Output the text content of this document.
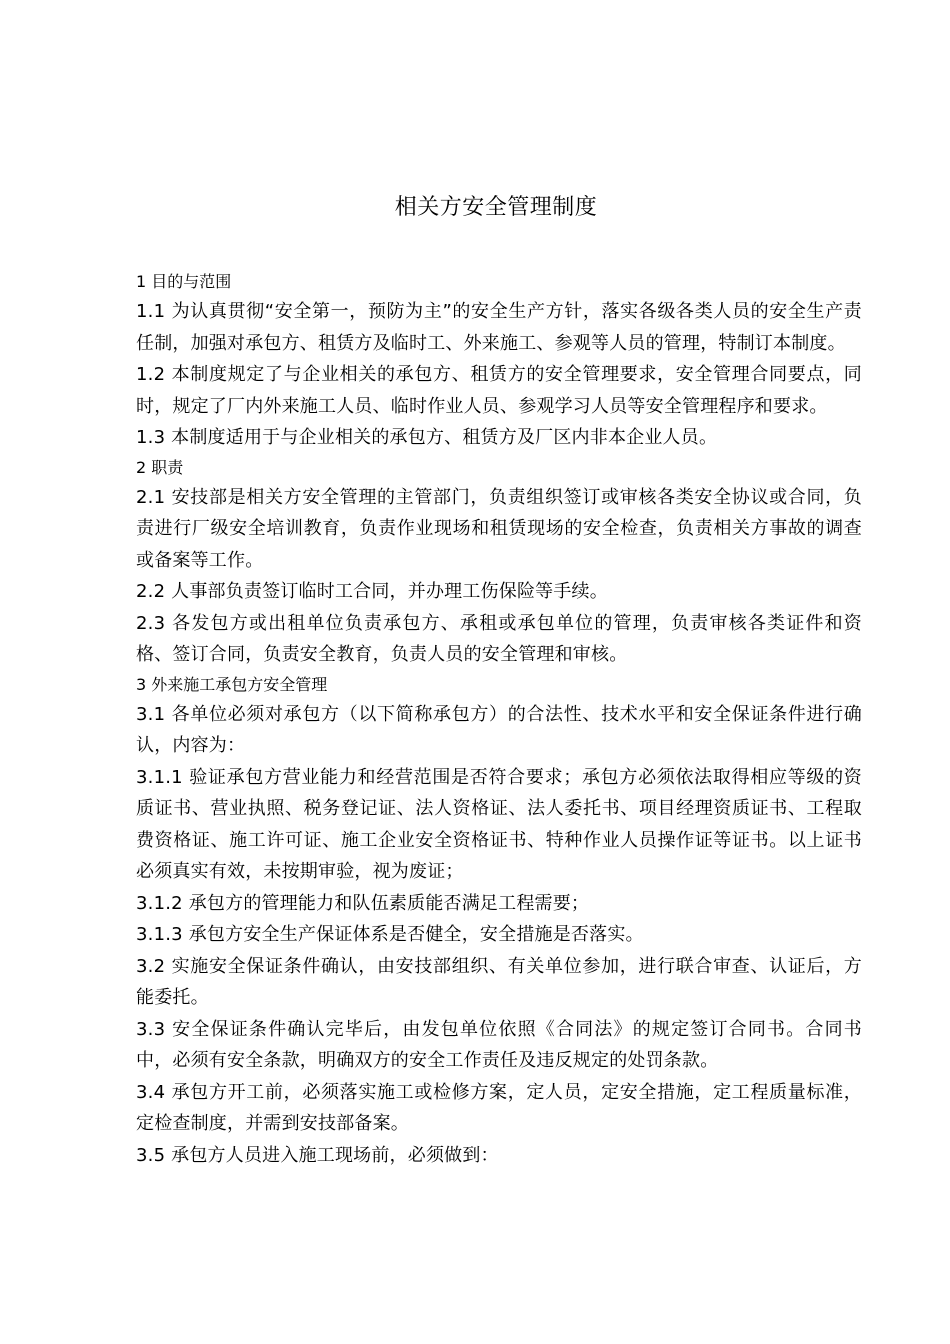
相关方安全管理制度

1 目的与范围

1.1 为认真贯彻“安全第一，预防为主”的安全生产方针，落实各级各类人员的安全生产责任制，加强对承包方、租赁方及临时工、外来施工、参观等人员的管理，特制订本制度。

1.2 本制度规定了与企业相关的承包方、租赁方的安全管理要求，安全管理合同要点，同时，规定了厂内外来施工人员、临时作业人员、参观学习人员等安全管理程序和要求。

1.3 本制度适用于与企业相关的承包方、租赁方及厂区内非本企业人员。

2 职责

2.1 安技部是相关方安全管理的主管部门，负责组织签订或审核各类安全协议或合同，负责进行厂级安全培训教育，负责作业现场和租赁现场的安全检查，负责相关方事故的调查或备案等工作。

2.2 人事部负责签订临时工合同，并办理工伤保险等手续。

2.3 各发包方或出租单位负责承包方、承租或承包单位的管理，负责审核各类证件和资格、签订合同，负责安全教育，负责人员的安全管理和审核。

3 外来施工承包方安全管理

3.1 各单位必须对承包方（以下简称承包方）的合法性、技术水平和安全保证条件进行确认，内容为：

3.1.1 验证承包方营业能力和经营范围是否符合要求；承包方必须依法取得相应等级的资质证书、营业执照、税务登记证、法人资格证、法人委托书、项目经理资质证书、工程取费资格证、施工许可证、施工企业安全资格证书、特种作业人员操作证等证书。以上证书必须真实有效，未按期审验，视为废证；

3.1.2 承包方的管理能力和队伍素质能否满足工程需要；

3.1.3 承包方安全生产保证体系是否健全，安全措施是否落实。

3.2 实施安全保证条件确认，由安技部组织、有关单位参加，进行联合审查、认证后，方能委托。

3.3 安全保证条件确认完毕后，由发包单位依照《合同法》的规定签订合同书。合同书中，必须有安全条款，明确双方的安全工作责任及违反规定的处罚条款。

3.4 承包方开工前，必须落实施工或检修方案，定人员，定安全措施，定工程质量标准，定检查制度，并需到安技部备案。

3.5 承包方人员进入施工现场前，必须做到：
